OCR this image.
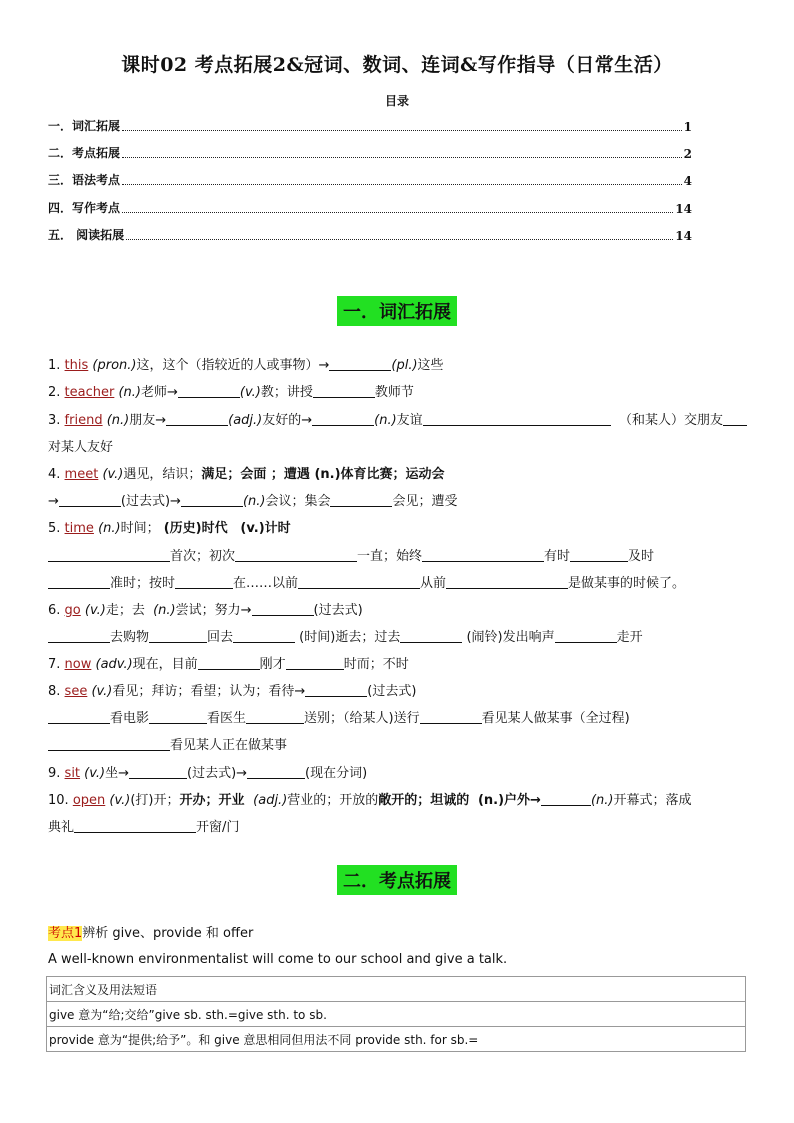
课时02 考点拓展2&冠词、数词、连词&写作指导（日常生活）
目录
一．词汇拓展	1
二．考点拓展	2
三．语法考点	4
四．写作考点	14
五． 阅读拓展	14
一．词汇拓展
1. this (pron.)这，这个（指较近的人或事物）→	(pl.)这些
2. teacher (n.)老师→	(v.)教；讲授	教师节
3. friend (n.)朋友→	(adj.)友好的→	(n.)友谊	（和某人）交朋友
对某人友好
4. meet (v.)遇见，结识；满足；会面 ；遭遇 (n.)体育比赛；运动会
→	(过去式)→	(n.)会议；集会	会见；遭受
5. time (n.)时间； (历史)时代   (v.)计时
首次；初次	一直；始终	有时	及时
准时；按时	在……以前	从前	是做某事的时候了。
6. go (v.)走；去  (n.)尝试；努力→	(过去式)
去购物	回去	(时间)逝去；过去	(闹铃)发出响声	走开
7. now (adv.)现在，目前	刚才	时而；不时
8. see (v.)看见；拜访；看望；认为；看待→	(过去式)
看电影	看医生	送别；（给某人)送行	看见某人做某事（全过程)
看见某人正在做某事
9. sit (v.)坐→	(过去式)→	(现在分词)
10. open (v.)(打)开；开办；开业  (adj.)营业的；开放的敞开的；坦诚的  (n.)户外→	(n.)开幕式；落成
典礼	开窗/门
二．考点拓展
考点1辨析 give、provide 和 offer
A well-known environmentalist will come to our school and give a talk.
词汇含义及用法短语
give 意为“给;交给”give sb. sth.=give sth. to sb.
provide 意为“提供;给予”。和 give 意思相同但用法不同 provide sth. for sb.=
